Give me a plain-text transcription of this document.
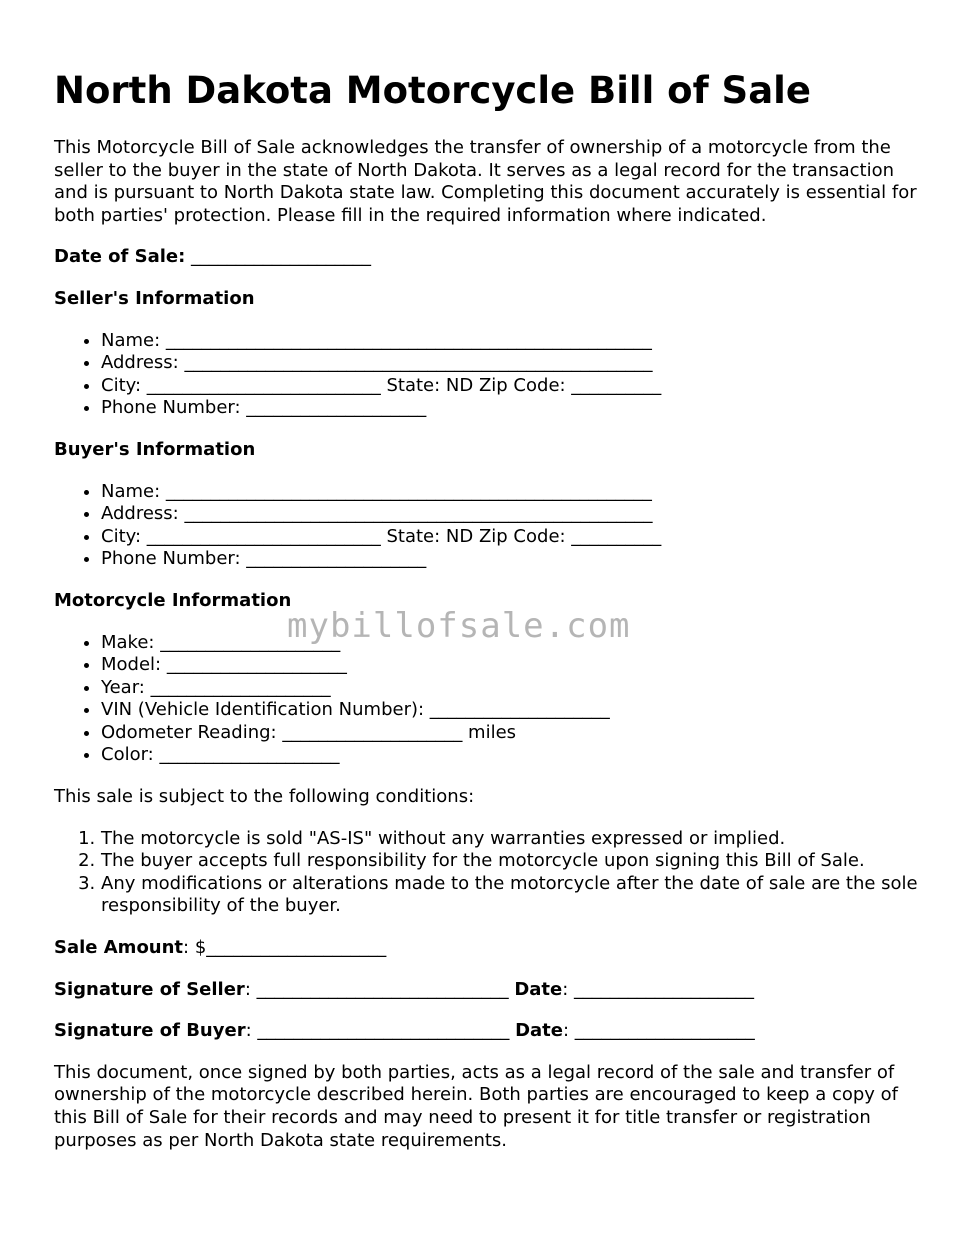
North Dakota Motorcycle Bill of Sale

This Motorcycle Bill of Sale acknowledges the transfer of ownership of a motorcycle from the seller to the buyer in the state of North Dakota. It serves as a legal record for the transaction and is pursuant to North Dakota state law. Completing this document accurately is essential for both parties' protection. Please fill in the required information where indicated.

Date of Sale: ____________________

Seller's Information

• Name: ______________________________________________________
• Address: ____________________________________________________
• City: __________________________ State: ND Zip Code: __________
• Phone Number: ____________________

Buyer's Information

• Name: ______________________________________________________
• Address: ____________________________________________________
• City: __________________________ State: ND Zip Code: __________
• Phone Number: ____________________

Motorcycle Information

• Make: ____________________
• Model: ____________________
• Year: ____________________
• VIN (Vehicle Identification Number): ____________________
• Odometer Reading: ____________________ miles
• Color: ____________________

This sale is subject to the following conditions:

1. The motorcycle is sold "AS-IS" without any warranties expressed or implied.
2. The buyer accepts full responsibility for the motorcycle upon signing this Bill of Sale.
3. Any modifications or alterations made to the motorcycle after the date of sale are the sole responsibility of the buyer.

Sale Amount: $____________________

Signature of Seller: ____________________________ Date: ____________________

Signature of Buyer: ____________________________ Date: ____________________

This document, once signed by both parties, acts as a legal record of the sale and transfer of ownership of the motorcycle described herein. Both parties are encouraged to keep a copy of this Bill of Sale for their records and may need to present it for title transfer or registration purposes as per North Dakota state requirements.

mybillofsale.com
